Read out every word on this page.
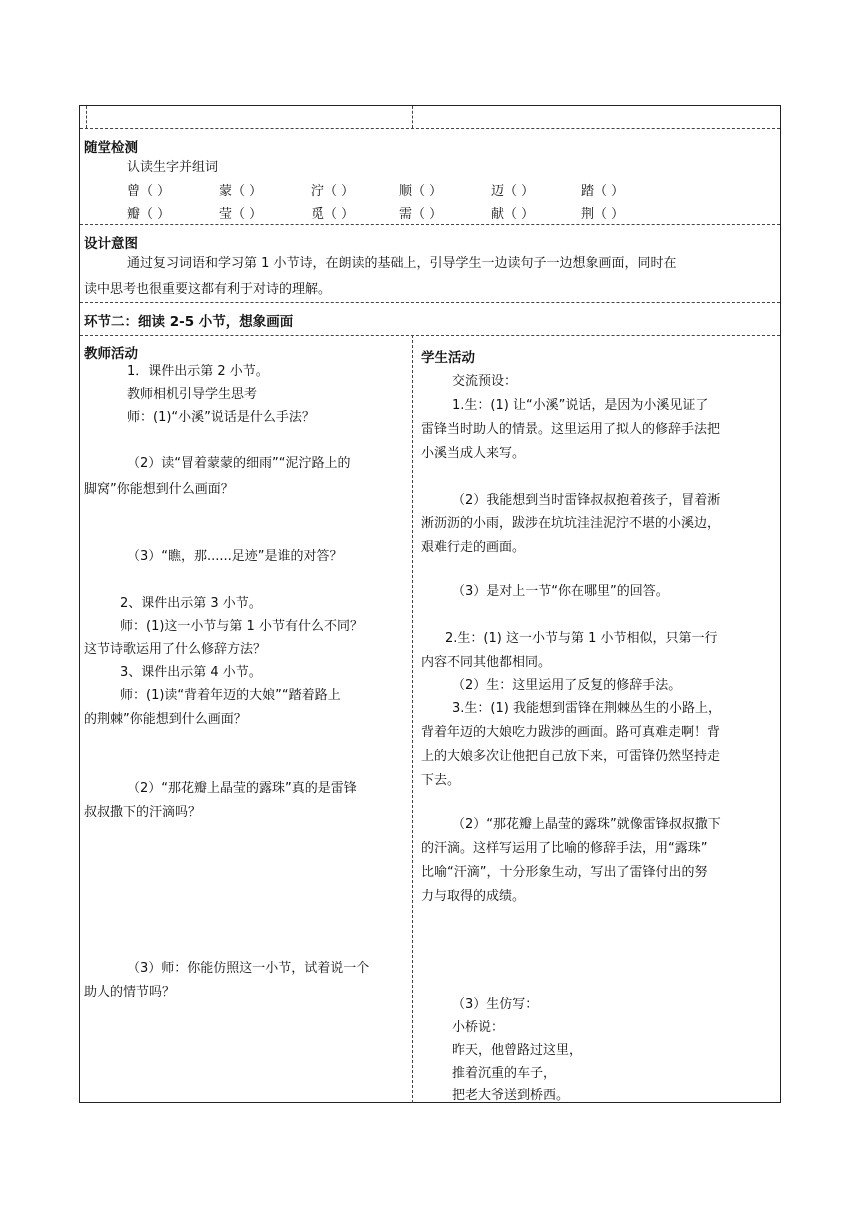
随堂检测
认读生字并组词
曾（ ）	蒙（ ）	泞（ ）	顺（ ）	迈（ ）	踏（ ）
瓣（ ）	莹（ ）	觅（ ）	需（ ）	献（ ）	荆（ ）
设计意图
通过复习词语和学习第 1 小节诗，在朗读的基础上，引导学生一边读句子一边想象画面，同时在
读中思考也很重要这都有利于对诗的理解。
环节二：细读 2-5 小节，想象画面
教师活动
1．课件出示第 2 小节。
教师相机引导学生思考
师：(1)“小溪”说话是什么手法？
（2）读“冒着蒙蒙的细雨”“泥泞路上的
脚窝”你能想到什么画面？
（3）“瞧，那......足迹”是谁的对答？
2、课件出示第 3 小节。
师：(1)这一小节与第 1 小节有什么不同？
这节诗歌运用了什么修辞方法？
3、课件出示第 4 小节。
师：(1)读“背着年迈的大娘”“踏着路上
的荆棘”你能想到什么画面？
（2）“那花瓣上晶莹的露珠”真的是雷锋
叔叔撒下的汗滴吗？
（3）师：你能仿照这一小节，试着说一个
助人的情节吗？
学生活动
交流预设：
1.生：(1) 让“小溪”说话，是因为小溪见证了
雷锋当时助人的情景。这里运用了拟人的修辞手法把
小溪当成人来写。
（2）我能想到当时雷锋叔叔抱着孩子，冒着淅
淅沥沥的小雨，跋涉在坑坑洼洼泥泞不堪的小溪边，
艰难行走的画面。
（3）是对上一节“你在哪里”的回答。
2.生：(1) 这一小节与第 1 小节相似，只第一行
内容不同其他都相同。
（2）生：这里运用了反复的修辞手法。
3.生：(1) 我能想到雷锋在荆棘丛生的小路上，
背着年迈的大娘吃力跋涉的画面。路可真难走啊！背
上的大娘多次让他把自己放下来，可雷锋仍然坚持走
下去。
（2）“那花瓣上晶莹的露珠”就像雷锋叔叔撒下
的汗滴。这样写运用了比喻的修辞手法，用“露珠”
比喻“汗滴”，十分形象生动，写出了雷锋付出的努
力与取得的成绩。
（3）生仿写：
小桥说：
昨天，他曾路过这里，
推着沉重的车子，
把老大爷送到桥西。
